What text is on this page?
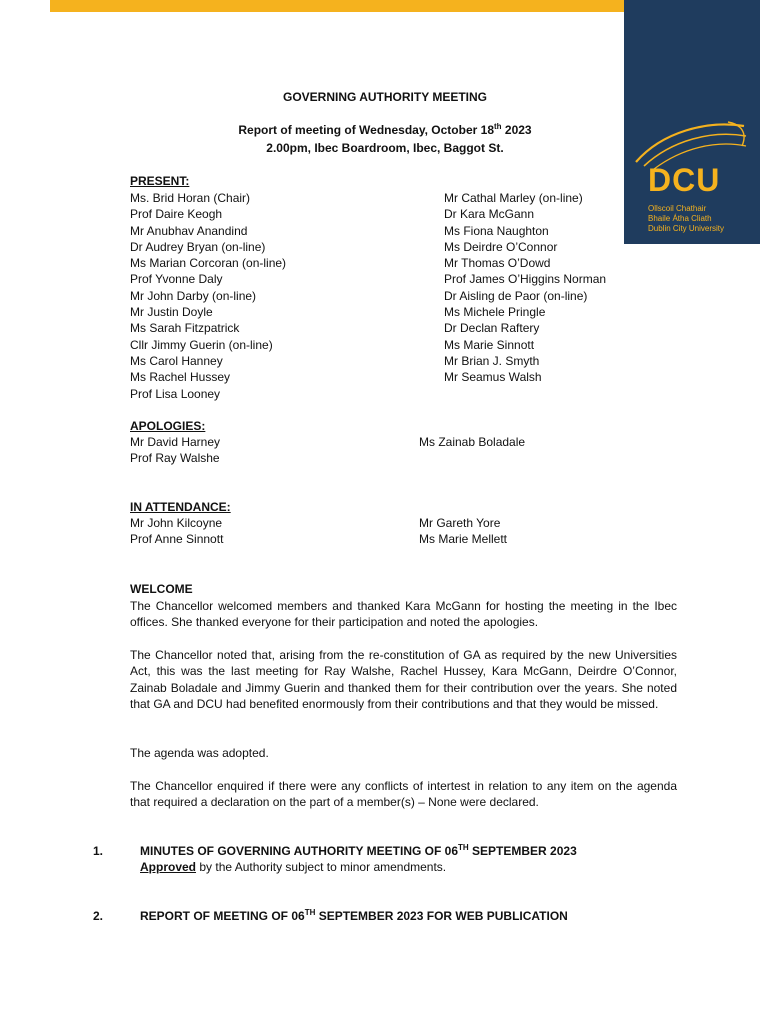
DCU
Ollscoil Chathair
Bhaile Átha Cliath
Dublin City University
GOVERNING AUTHORITY MEETING
Report of meeting of Wednesday, October 18th 2023
2.00pm, Ibec Boardroom, Ibec, Baggot St.
PRESENT:
Ms. Brid Horan (Chair)
Prof Daire Keogh
Mr Anubhav Anandind
Dr Audrey Bryan (on-line)
Ms Marian Corcoran (on-line)
Prof Yvonne Daly
Mr John Darby (on-line)
Mr Justin Doyle
Ms Sarah Fitzpatrick
Cllr Jimmy Guerin (on-line)
Ms Carol Hanney
Ms Rachel Hussey
Prof Lisa Looney
Mr Cathal Marley (on-line)
Dr Kara McGann
Ms Fiona Naughton
Ms Deirdre O’Connor
Mr Thomas O’Dowd
Prof James O’Higgins Norman
Dr Aisling de Paor (on-line)
Ms Michele Pringle
Dr Declan Raftery
Ms Marie Sinnott
Mr Brian J. Smyth
Mr Seamus Walsh
APOLOGIES:
Mr David Harney
Prof Ray Walshe
Ms Zainab Boladale
IN ATTENDANCE:
Mr John Kilcoyne
Prof Anne Sinnott
Mr Gareth Yore
Ms Marie Mellett
WELCOME
The Chancellor welcomed members and thanked Kara McGann for hosting the meeting in the Ibec offices. She thanked everyone for their participation and noted the apologies.
The Chancellor noted that, arising from the re-constitution of GA as required by the new Universities Act, this was the last meeting for Ray Walshe, Rachel Hussey, Kara McGann, Deirdre O’Connor, Zainab Boladale and Jimmy Guerin and thanked them for their contribution over the years. She noted that GA and DCU had benefited enormously from their contributions and that they would be missed.
The agenda was adopted.
The Chancellor enquired if there were any conflicts of intertest in relation to any item on the agenda that required a declaration on the part of a member(s) – None were declared.
1.	MINUTES OF GOVERNING AUTHORITY MEETING OF 06TH SEPTEMBER 2023
Approved by the Authority subject to minor amendments.
2.	REPORT OF MEETING OF 06TH SEPTEMBER 2023 FOR WEB PUBLICATION
